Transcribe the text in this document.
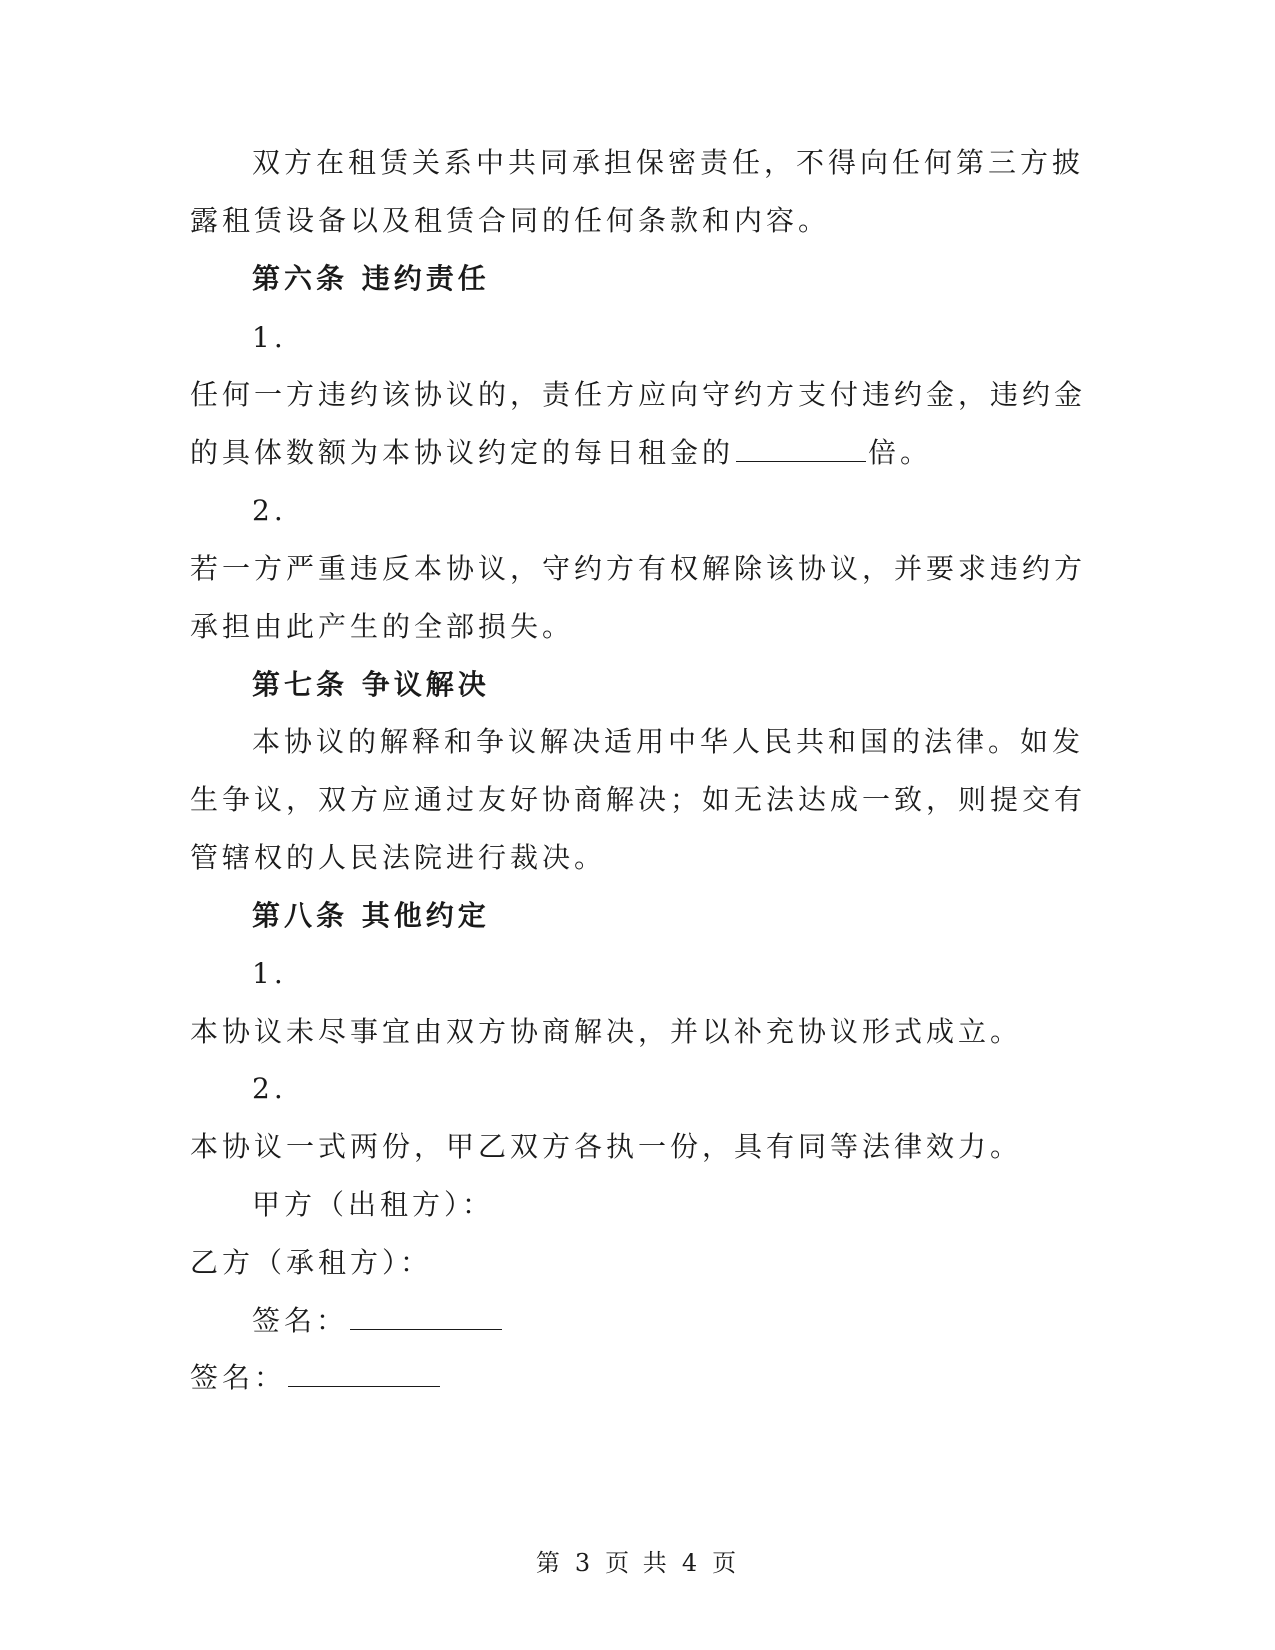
双方在租赁关系中共同承担保密责任，不得向任何第三方披
露租赁设备以及租赁合同的任何条款和内容。
第六条 违约责任
1.
任何一方违约该协议的，责任方应向守约方支付违约金，违约金
的具体数额为本协议约定的每日租金的	倍。
2.
若一方严重违反本协议，守约方有权解除该协议，并要求违约方
承担由此产生的全部损失。
第七条 争议解决
本协议的解释和争议解决适用中华人民共和国的法律。如发
生争议，双方应通过友好协商解决；如无法达成一致，则提交有
管辖权的人民法院进行裁决。
第八条 其他约定
1.
本协议未尽事宜由双方协商解决，并以补充协议形式成立。
2.
本协议一式两份，甲乙双方各执一份，具有同等法律效力。
甲方（出租方）：
乙方（承租方）：
签名：
签名：
第 3 页 共 4 页
